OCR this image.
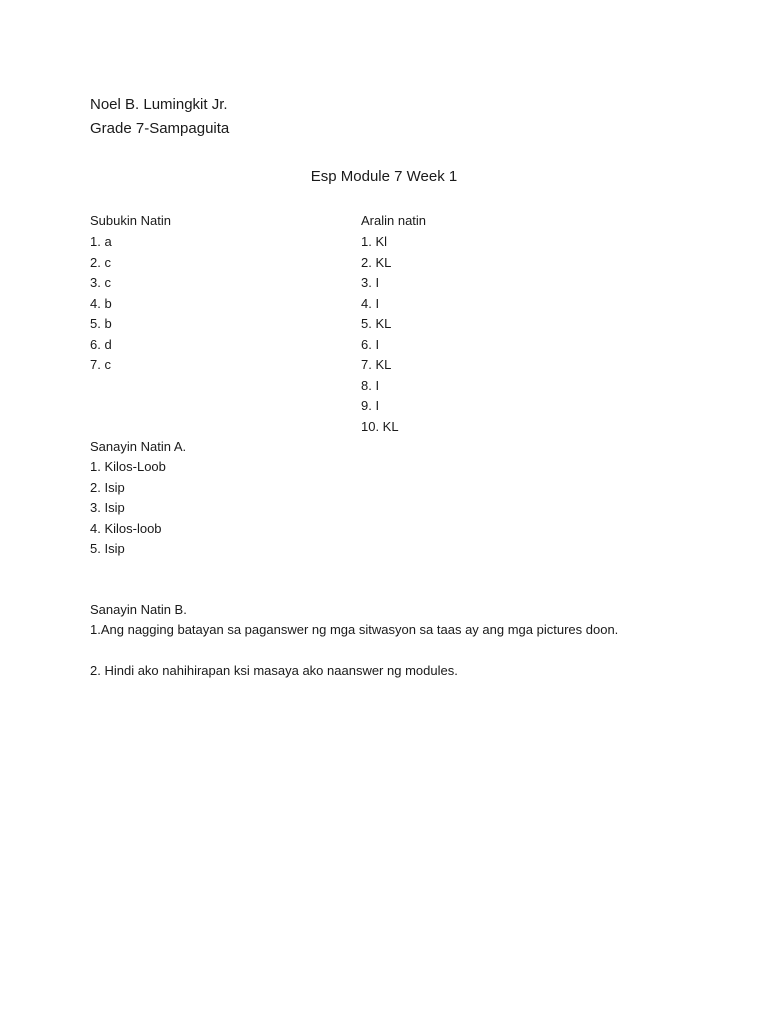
Noel B. Lumingkit Jr.
Grade 7-Sampaguita
Esp Module 7 Week 1
Subukin Natin
1. a
2. c
3. c
4. b
5. b
6. d
7. c
Aralin natin
1. Kl
2. KL
3. I
4. I
5. KL
6. I
7. KL
8. I
9. I
10. KL
Sanayin Natin A.
1. Kilos-Loob
2. Isip
3. Isip
4. Kilos-loob
5. Isip
Sanayin Natin B.
1.Ang nagging batayan sa paganswer ng mga sitwasyon sa taas ay ang mga pictures doon.
2. Hindi ako nahihirapan ksi masaya ako naanswer ng modules.
